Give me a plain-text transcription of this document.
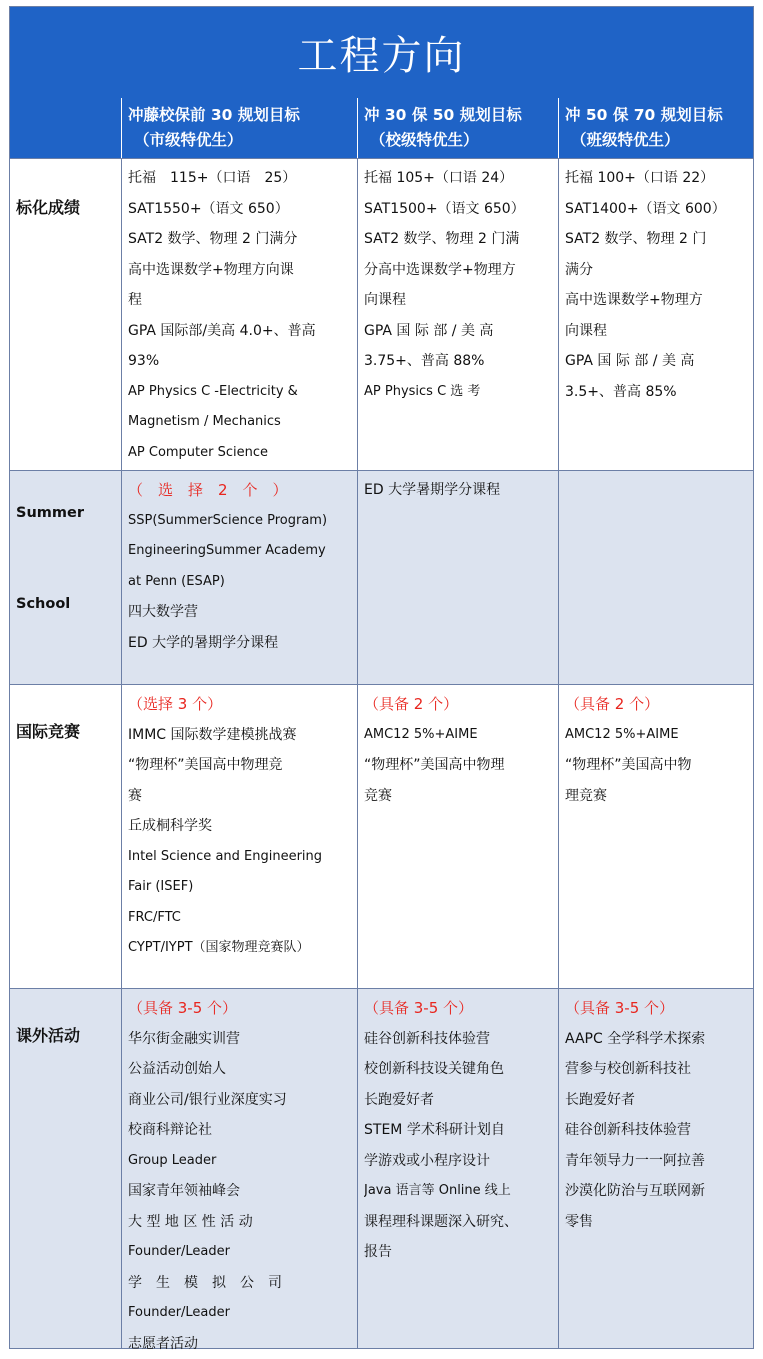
工程方向
冲藤校保前 30 规划目标
（市级特优生）
冲 30 保 50 规划目标
（校级特优生）
冲 50 保 70 规划目标
（班级特优生）
标化成绩
托福　115+（口语　25）
SAT1550+（语文 650）
SAT2 数学、物理 2 门满分
高中选课数学+物理方向课
程
GPA 国际部/美高 4.0+、普高
93%
AP Physics C -Electricity &
Magnetism / Mechanics
AP Computer Science
托福 105+（口语 24）
SAT1500+（语文 650）
SAT2 数学、物理 2 门满
分高中选课数学+物理方
向课程
GPA 国 际 部 / 美 高
3.75+、普高 88%
AP Physics C 选 考
托福 100+（口语 22）
SAT1400+（语文 600）
SAT2 数学、物理 2 门
满分
高中选课数学+物理方
向课程
GPA 国 际 部 / 美 高
3.5+、普高 85%
Summer
School
（　选　择　2　个　）
SSP(SummerScience Program)
EngineeringSummer Academy
at Penn (ESAP)
四大数学营
ED 大学的暑期学分课程
ED 大学暑期学分课程
国际竞赛
（选择 3 个）
IMMC 国际数学建模挑战赛
“物理杯”美国高中物理竞
赛
丘成桐科学奖
Intel Science and Engineering
Fair (ISEF)
FRC/FTC
CYPT/IYPT（国家物理竞赛队）
（具备 2 个）
AMC12 5%+AIME
“物理杯”美国高中物理
竞赛
（具备 2 个）
AMC12 5%+AIME
“物理杯”美国高中物
理竞赛
课外活动
（具备 3-5 个）
华尔街金融实训营
公益活动创始人
商业公司/银行业深度实习
校商科辩论社
Group Leader
国家青年领袖峰会
大 型 地 区 性 活 动
Founder/Leader
学　生　模　拟　公　司
Founder/Leader
志愿者活动
（具备 3-5 个）
硅谷创新科技体验营
校创新科技设关键角色
长跑爱好者
STEM 学术科研计划自
学游戏或小程序设计
Java 语言等 Online 线上
课程理科课题深入研究、
报告
（具备 3-5 个）
AAPC 全学科学术探索
营参与校创新科技社
长跑爱好者
硅谷创新科技体验营
青年领导力一一阿拉善
沙漠化防治与互联网新
零售
